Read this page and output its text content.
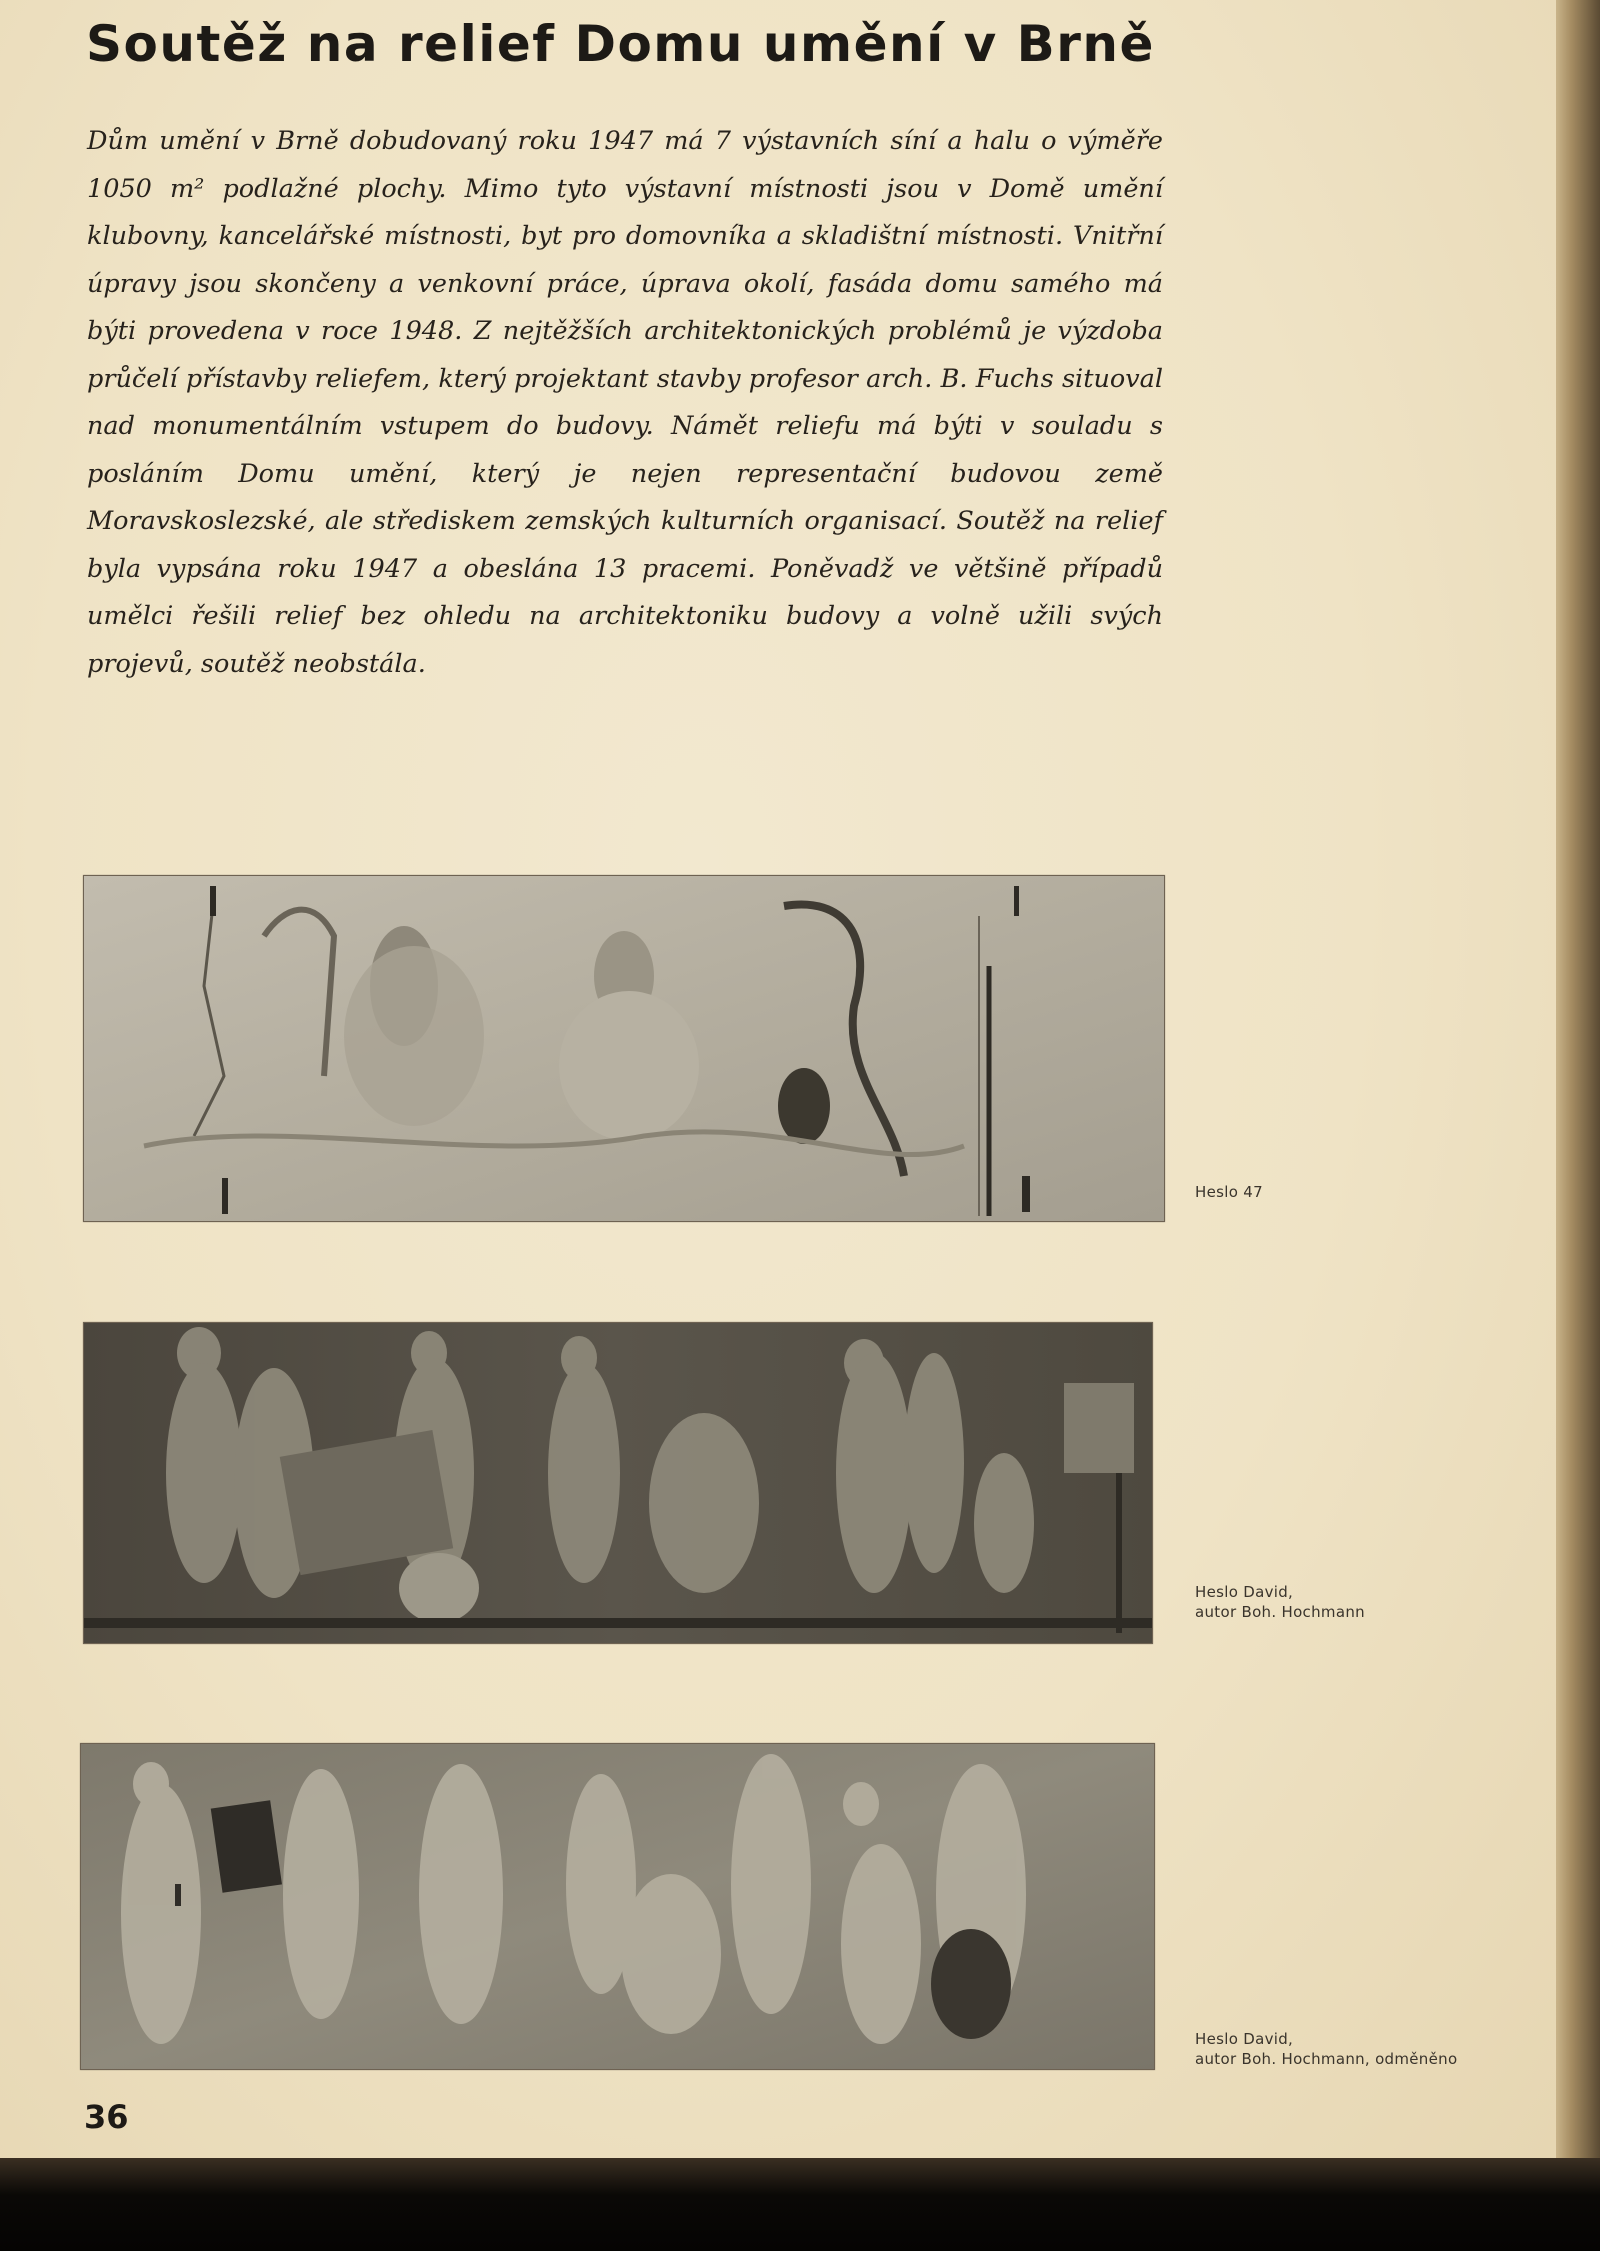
Soutěž na relief Domu umění v Brně

Dům umění v Brně dobudovaný roku 1947 má 7 výstavních síní a halu o výměře 1050 m² podlažné plochy. Mimo tyto výstavní místnosti jsou v Domě umění klubovny, kancelářské místnosti, byt pro domovníka a skladištní místnosti. Vnitřní úpravy jsou skončeny a venkovní práce, úprava okolí, fasáda domu samého má býti provedena v roce 1948. Z nejtěžších architektonických problémů je výzdoba průčelí přístavby reliefem, který projektant stavby profesor arch. B. Fuchs situoval nad monumentálním vstupem do budovy. Námět reliefu má býti v souladu s posláním Domu umění, který je nejen representační budovou země Moravskoslezské, ale střediskem zemských kulturních organisací. Soutěž na relief byla vypsána roku 1947 a obeslána 13 pracemi. Poněvadž ve většině případů umělci řešili relief bez ohledu na architektoniku budovy a volně užili svých projevů, soutěž neobstála.

Heslo 47
Heslo David,
autor Boh. Hochmann
Heslo David,
autor Boh. Hochmann, odměněno
36
